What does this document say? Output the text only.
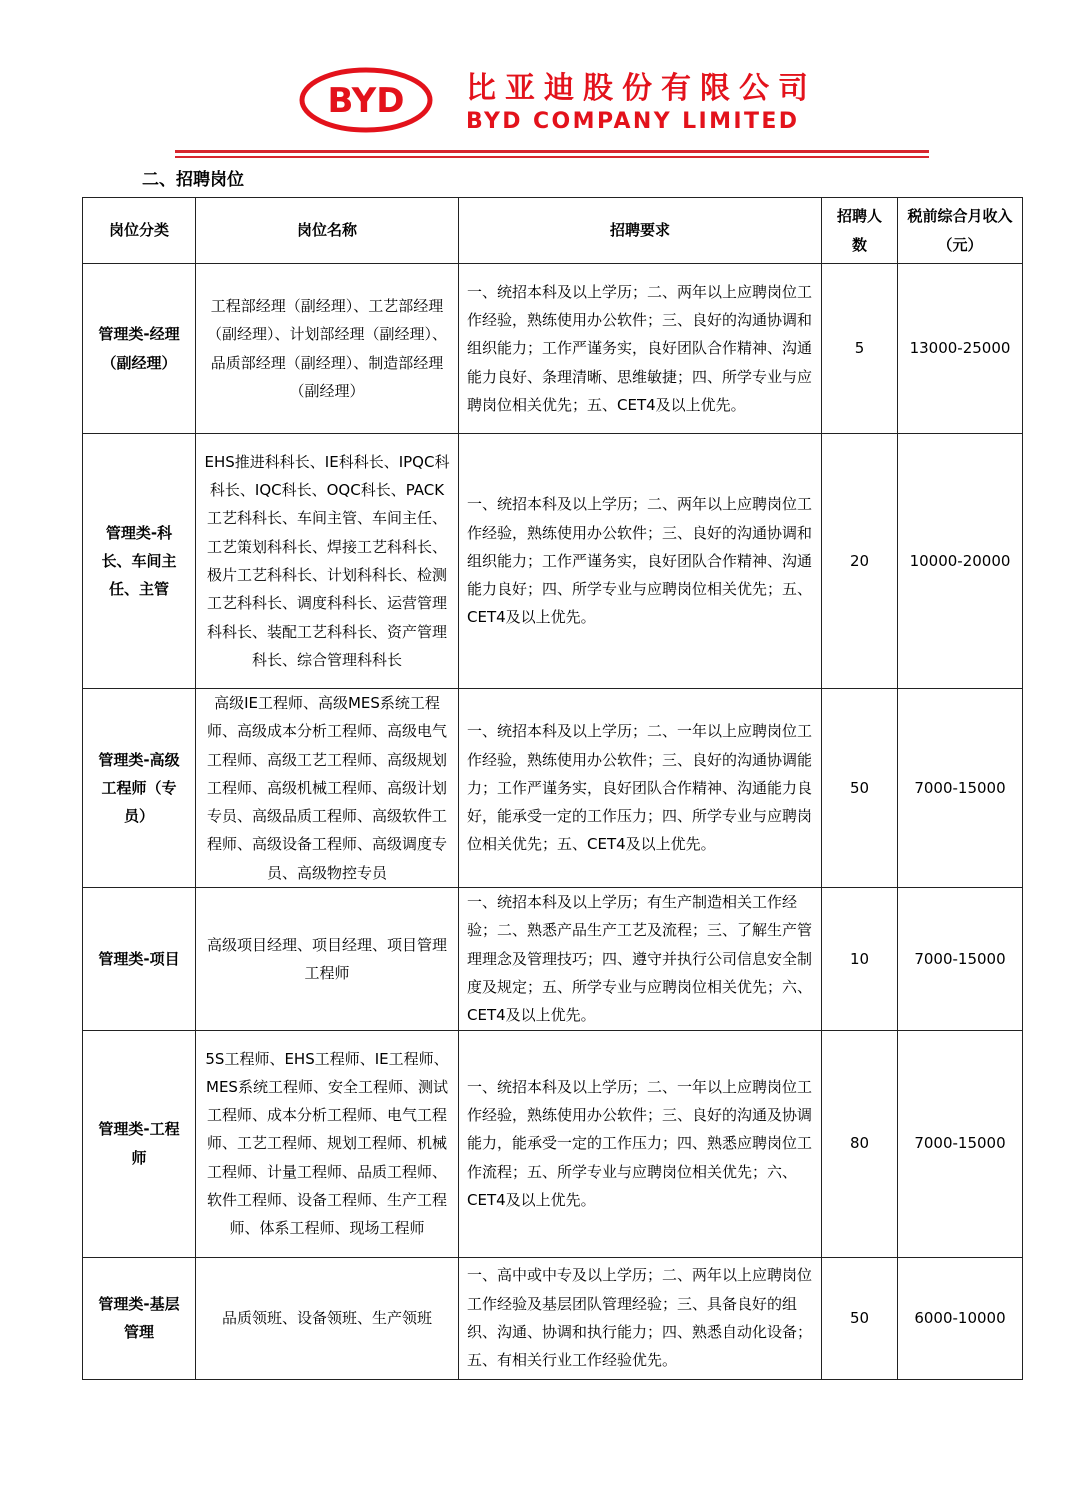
BYD 比亚迪股份有限公司
BYD COMPANY LIMITED
二、招聘岗位
岗位分类	岗位名称	招聘要求	招聘人数	税前综合月收入（元）
管理类-经理（副经理）	工程部经理（副经理）、工艺部经理（副经理）、计划部经理（副经理）、品质部经理（副经理）、制造部经理（副经理）	一、统招本科及以上学历；二、两年以上应聘岗位工作经验，熟练使用办公软件；三、良好的沟通协调和组织能力；工作严谨务实，良好团队合作精神、沟通能力良好、条理清晰、思维敏捷；四、所学专业与应聘岗位相关优先；五、CET4及以上优先。	5	13000-25000
管理类-科长、车间主任、主管	EHS推进科科长、IE科科长、IPQC科科长、IQC科长、OQC科长、PACK工艺科科长、车间主管、车间主任、工艺策划科科长、焊接工艺科科长、极片工艺科科长、计划科科长、检测工艺科科长、调度科科长、运营管理科科长、装配工艺科科长、资产管理科长、综合管理科科长	一、统招本科及以上学历；二、两年以上应聘岗位工作经验，熟练使用办公软件；三、良好的沟通协调和组织能力；工作严谨务实，良好团队合作精神、沟通能力良好；四、所学专业与应聘岗位相关优先；五、CET4及以上优先。	20	10000-20000
管理类-高级工程师（专员）	高级IE工程师、高级MES系统工程师、高级成本分析工程师、高级电气工程师、高级工艺工程师、高级规划工程师、高级机械工程师、高级计划专员、高级品质工程师、高级软件工程师、高级设备工程师、高级调度专员、高级物控专员	一、统招本科及以上学历；二、一年以上应聘岗位工作经验，熟练使用办公软件；三、良好的沟通协调能力；工作严谨务实，良好团队合作精神、沟通能力良好，能承受一定的工作压力；四、所学专业与应聘岗位相关优先；五、CET4及以上优先。	50	7000-15000
管理类-项目	高级项目经理、项目经理、项目管理工程师	一、统招本科及以上学历；有生产制造相关工作经验；二、熟悉产品生产工艺及流程；三、了解生产管理理念及管理技巧；四、遵守并执行公司信息安全制度及规定；五、所学专业与应聘岗位相关优先；六、CET4及以上优先。	10	7000-15000
管理类-工程师	5S工程师、EHS工程师、IE工程师、MES系统工程师、安全工程师、测试工程师、成本分析工程师、电气工程师、工艺工程师、规划工程师、机械工程师、计量工程师、品质工程师、软件工程师、设备工程师、生产工程师、体系工程师、现场工程师	一、统招本科及以上学历；二、一年以上应聘岗位工作经验，熟练使用办公软件；三、良好的沟通及协调能力，能承受一定的工作压力；四、熟悉应聘岗位工作流程；五、所学专业与应聘岗位相关优先；六、CET4及以上优先。	80	7000-15000
管理类-基层管理	品质领班、设备领班、生产领班	一、高中或中专及以上学历；二、两年以上应聘岗位工作经验及基层团队管理经验；三、具备良好的组织、沟通、协调和执行能力；四、熟悉自动化设备；五、有相关行业工作经验优先。	50	6000-10000
